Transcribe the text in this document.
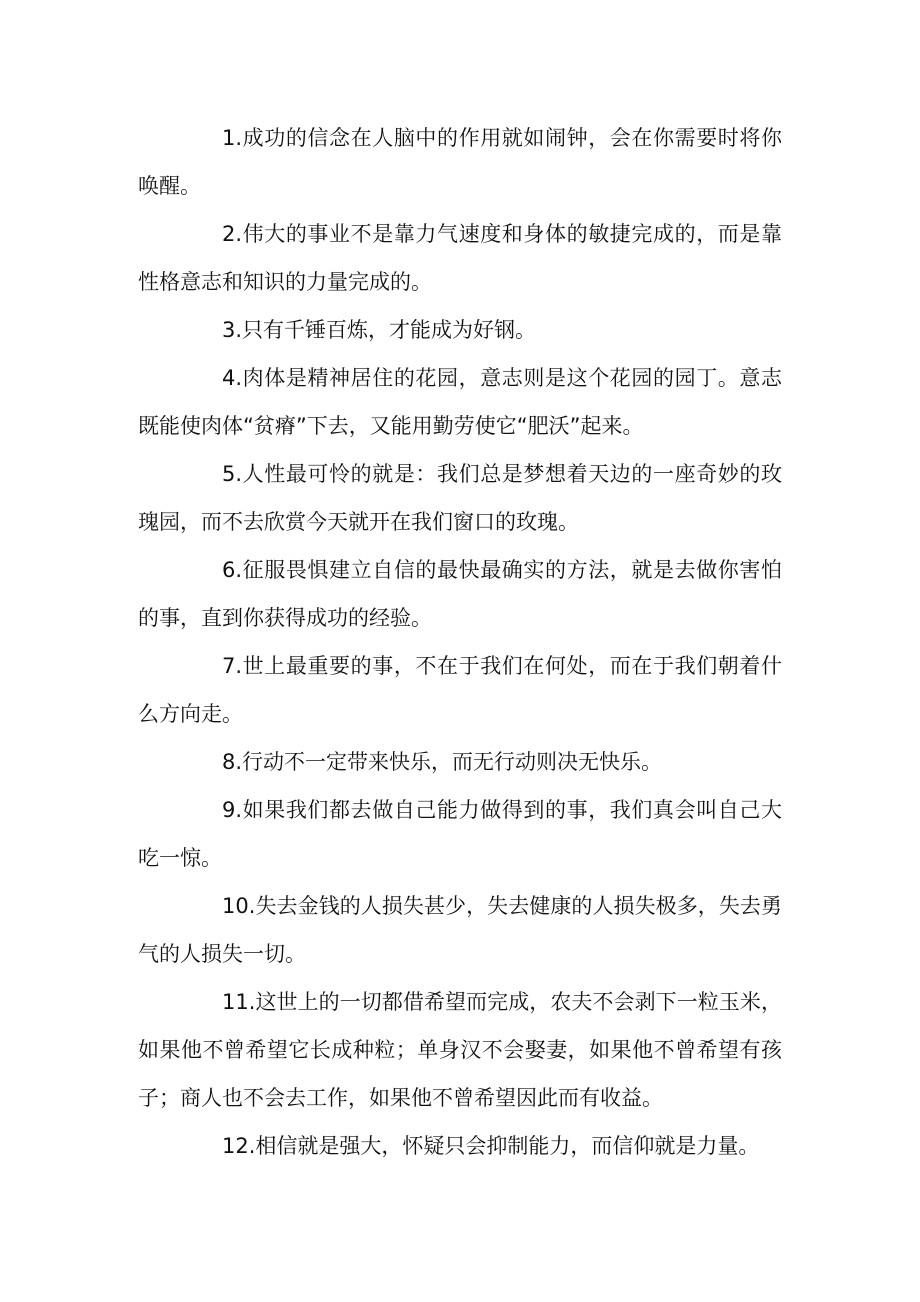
1.成功的信念在人脑中的作用就如闹钟，会在你需要时将你唤醒。

2.伟大的事业不是靠力气速度和身体的敏捷完成的，而是靠性格意志和知识的力量完成的。

3.只有千锤百炼，才能成为好钢。

4.肉体是精神居住的花园，意志则是这个花园的园丁。意志既能使肉体“贫瘠”下去，又能用勤劳使它“肥沃”起来。

5.人性最可怜的就是：我们总是梦想着天边的一座奇妙的玫瑰园，而不去欣赏今天就开在我们窗口的玫瑰。

6.征服畏惧建立自信的最快最确实的方法，就是去做你害怕的事，直到你获得成功的经验。

7.世上最重要的事，不在于我们在何处，而在于我们朝着什么方向走。

8.行动不一定带来快乐，而无行动则决无快乐。

9.如果我们都去做自己能力做得到的事，我们真会叫自己大吃一惊。

10.失去金钱的人损失甚少，失去健康的人损失极多，失去勇气的人损失一切。

11.这世上的一切都借希望而完成，农夫不会剥下一粒玉米，如果他不曾希望它长成种粒；单身汉不会娶妻，如果他不曾希望有孩子；商人也不会去工作，如果他不曾希望因此而有收益。

12.相信就是强大，怀疑只会抑制能力，而信仰就是力量。
